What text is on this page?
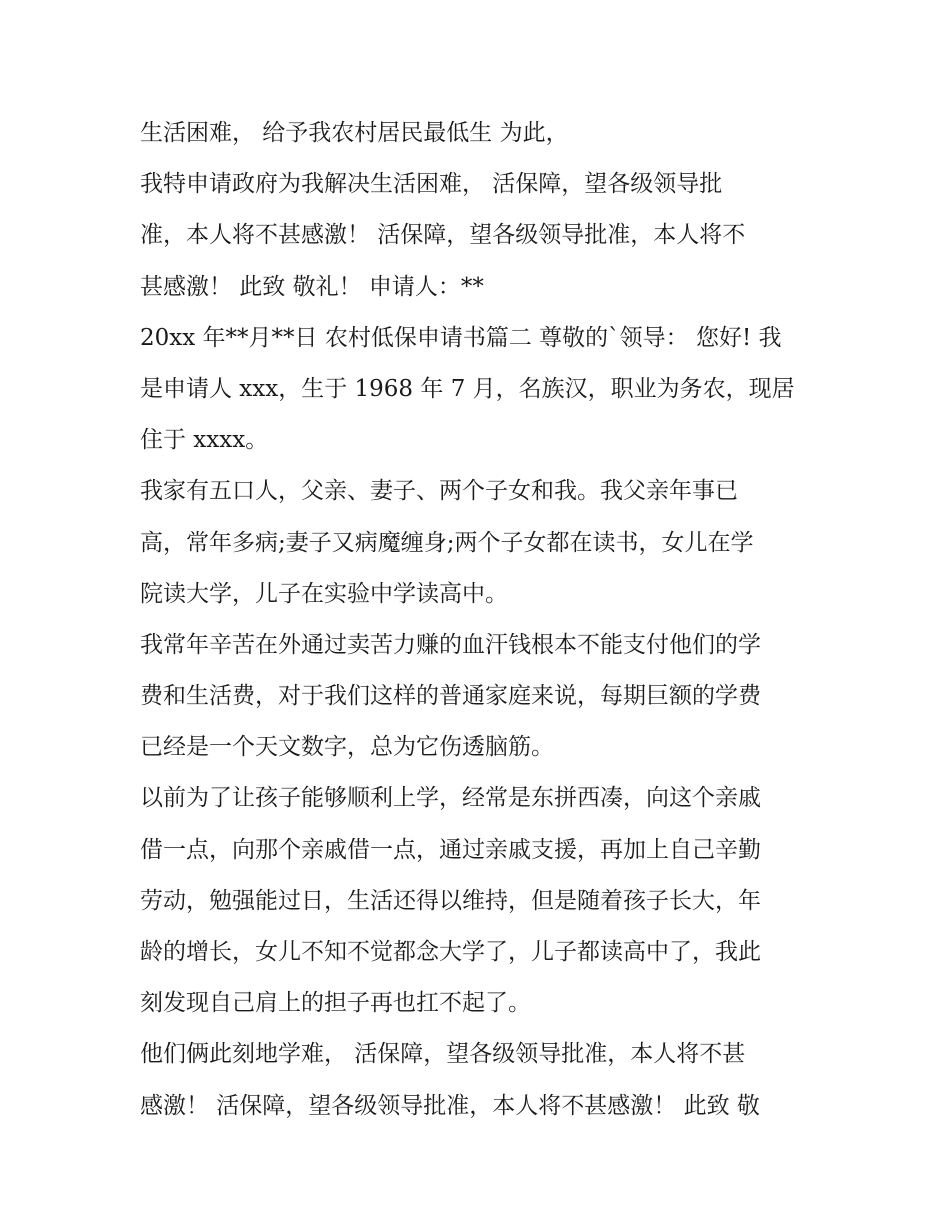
生活困难， 给予我农村居民最低生 为此，
我特申请政府为我解决生活困难， 活保障，望各级领导批
准，本人将不甚感激！ 活保障，望各级领导批准，本人将不
甚感激！ 此致 敬礼！ 申请人：**
20xx 年**月**日 农村低保申请书篇二 尊敬的`领导： 您好! 我
是申请人 xxx，生于 1968 年 7 月，名族汉，职业为务农，现居
住于 xxxx。
我家有五口人，父亲、妻子、两个子女和我。我父亲年事已
高，常年多病;妻子又病魔缠身;两个子女都在读书，女儿在学
院读大学，儿子在实验中学读高中。
我常年辛苦在外通过卖苦力赚的血汗钱根本不能支付他们的学
费和生活费，对于我们这样的普通家庭来说，每期巨额的学费
已经是一个天文数字，总为它伤透脑筋。
以前为了让孩子能够顺利上学，经常是东拼西凑，向这个亲戚
借一点，向那个亲戚借一点，通过亲戚支援，再加上自己辛勤
劳动，勉强能过日，生活还得以维持，但是随着孩子长大，年
龄的增长，女儿不知不觉都念大学了，儿子都读高中了，我此
刻发现自己肩上的担子再也扛不起了。
他们俩此刻地学难， 活保障，望各级领导批准，本人将不甚
感激！ 活保障，望各级领导批准，本人将不甚感激！ 此致 敬
